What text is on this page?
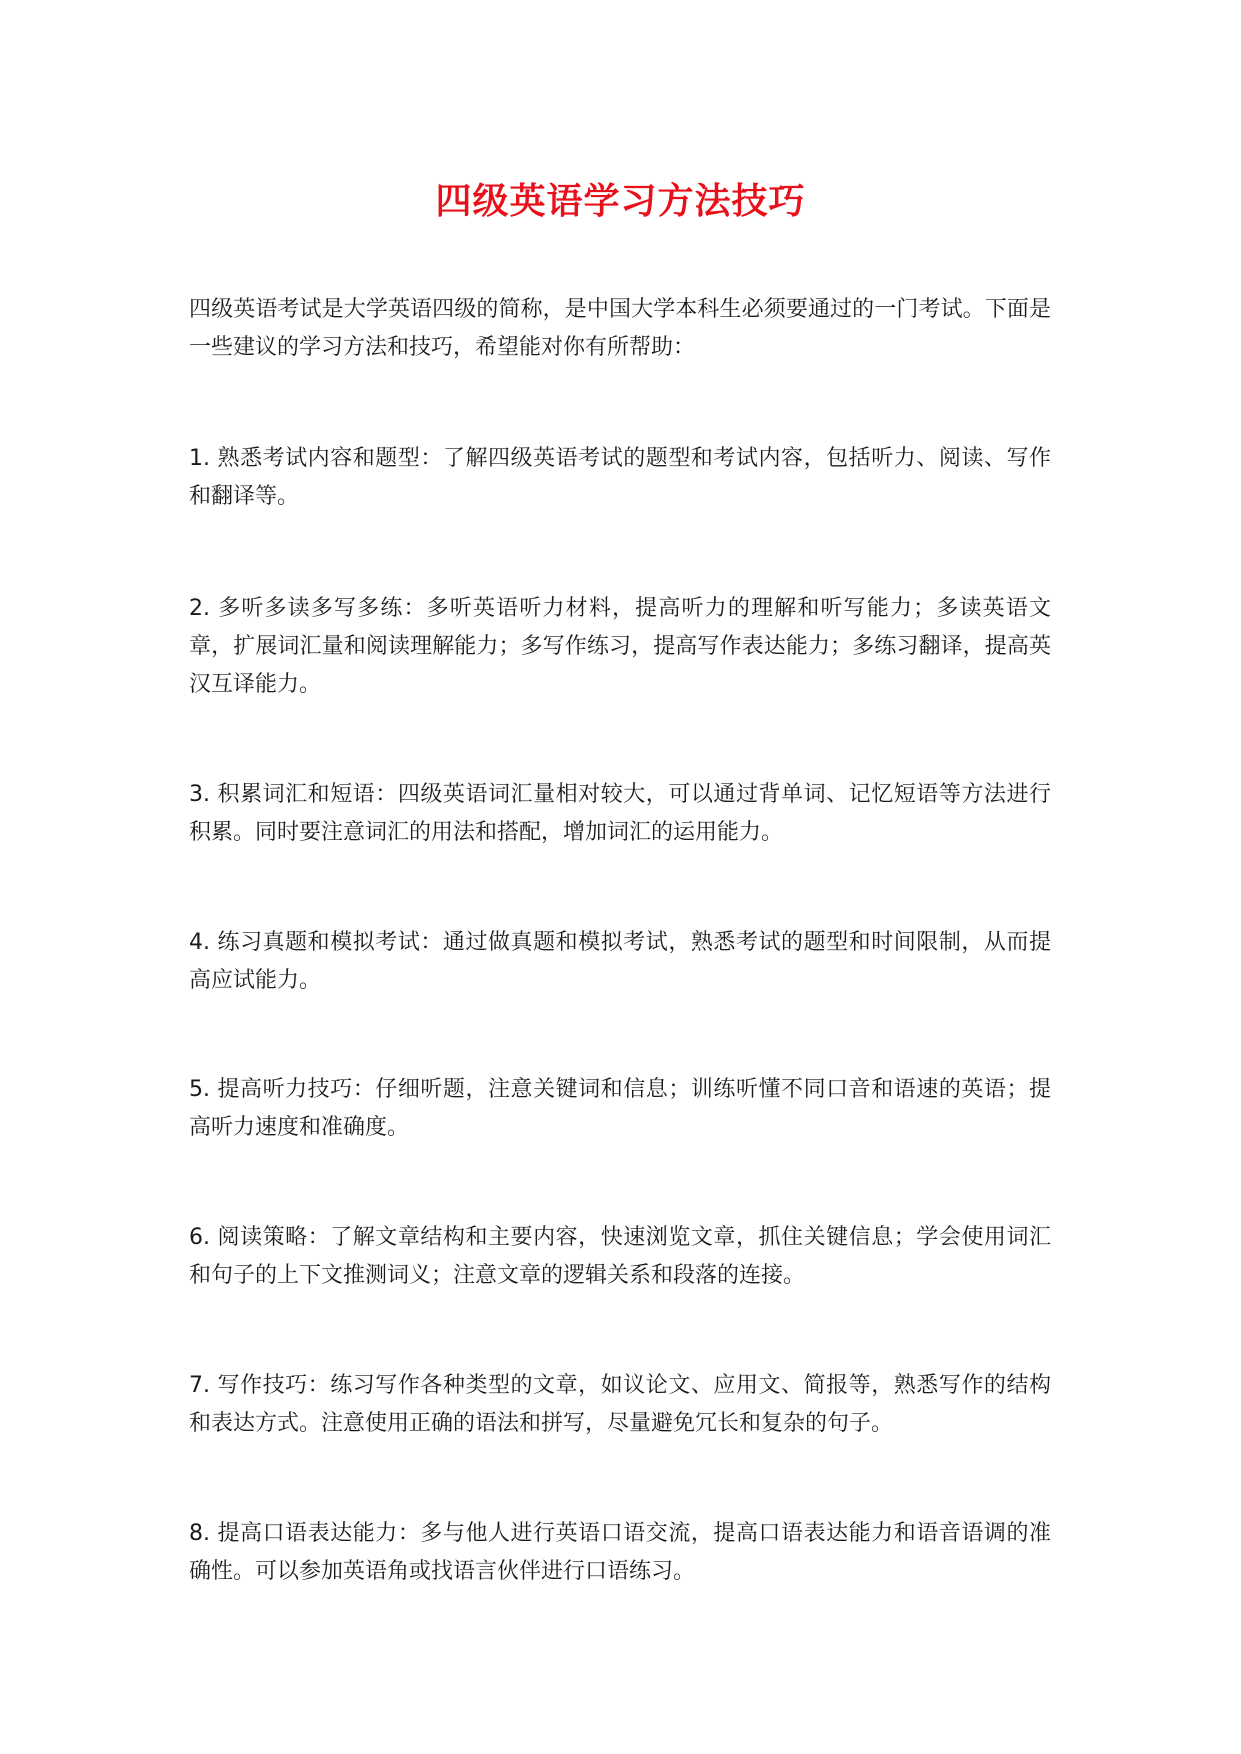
四级英语学习方法技巧

四级英语考试是大学英语四级的简称，是中国大学本科生必须要通过的一门考试。下面是一些建议的学习方法和技巧，希望能对你有所帮助：

1. 熟悉考试内容和题型：了解四级英语考试的题型和考试内容，包括听力、阅读、写作和翻译等。

2. 多听多读多写多练：多听英语听力材料，提高听力的理解和听写能力；多读英语文章，扩展词汇量和阅读理解能力；多写作练习，提高写作表达能力；多练习翻译，提高英汉互译能力。

3. 积累词汇和短语：四级英语词汇量相对较大，可以通过背单词、记忆短语等方法进行积累。同时要注意词汇的用法和搭配，增加词汇的运用能力。

4. 练习真题和模拟考试：通过做真题和模拟考试，熟悉考试的题型和时间限制，从而提高应试能力。

5. 提高听力技巧：仔细听题，注意关键词和信息；训练听懂不同口音和语速的英语；提高听力速度和准确度。

6. 阅读策略：了解文章结构和主要内容，快速浏览文章，抓住关键信息；学会使用词汇和句子的上下文推测词义；注意文章的逻辑关系和段落的连接。

7. 写作技巧：练习写作各种类型的文章，如议论文、应用文、简报等，熟悉写作的结构和表达方式。注意使用正确的语法和拼写，尽量避免冗长和复杂的句子。

8. 提高口语表达能力：多与他人进行英语口语交流，提高口语表达能力和语音语调的准确性。可以参加英语角或找语言伙伴进行口语练习。
